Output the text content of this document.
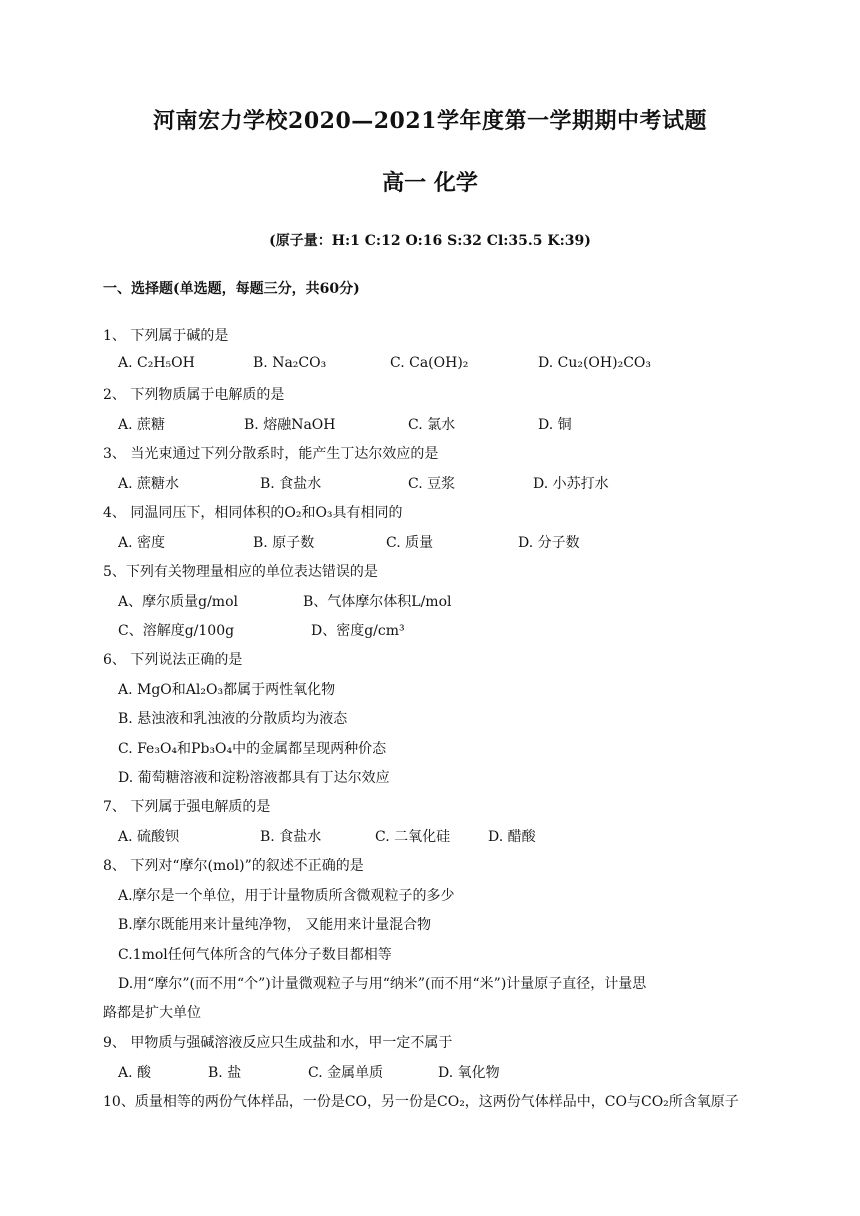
河南宏力学校2020—2021学年度第一学期期中考试题
高一 化学
(原子量：H:1 C:12 O:16 S:32 Cl:35.5 K:39)
一、选择题(单选题，每题三分，共60分)
1、 下列属于碱的是
A. C₂H₅OH	B. Na₂CO₃	C. Ca(OH)₂	D. Cu₂(OH)₂CO₃
2、 下列物质属于电解质的是
A. 蔗糖	B. 熔融NaOH	C. 氯水	D. 铜
3、 当光束通过下列分散系时，能产生丁达尔效应的是
A. 蔗糖水	B. 食盐水	C. 豆浆	D. 小苏打水
4、 同温同压下，相同体积的O₂和O₃具有相同的
A. 密度	B. 原子数	C. 质量	D. 分子数
5、下列有关物理量相应的单位表达错误的是
A、摩尔质量g/mol	B、气体摩尔体积L/mol
C、溶解度g/100g	D、密度g/cm³
6、 下列说法正确的是
A. MgO和Al₂O₃都属于两性氧化物
B. 悬浊液和乳浊液的分散质均为液态
C. Fe₃O₄和Pb₃O₄中的金属都呈现两种价态
D. 葡萄糖溶液和淀粉溶液都具有丁达尔效应
7、 下列属于强电解质的是
A. 硫酸钡	B. 食盐水	C. 二氧化硅	D. 醋酸
8、 下列对“摩尔(mol)”的叙述不正确的是
A.摩尔是一个单位，用于计量物质所含微观粒子的多少
B.摩尔既能用来计量纯净物， 又能用来计量混合物
C.1mol任何气体所含的气体分子数目都相等
D.用“摩尔”(而不用“个”)计量微观粒子与用“纳米”(而不用“米”)计量原子直径，计量思
路都是扩大单位
9、 甲物质与强碱溶液反应只生成盐和水，甲一定不属于
A. 酸	B. 盐	C. 金属单质	D. 氧化物
10、质量相等的两份气体样品，一份是CO，另一份是CO₂，这两份气体样品中，CO与CO₂所含氧原子
